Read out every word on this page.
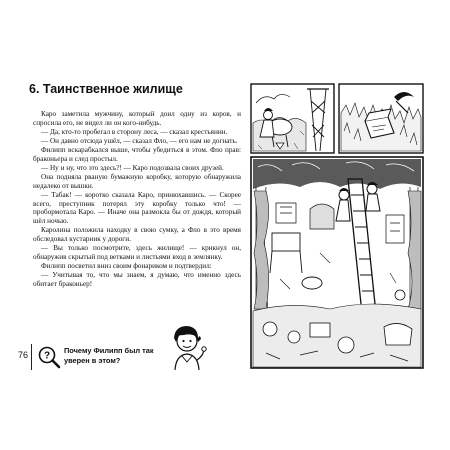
6. Таинственное жилище

Каро заметила мужчину, который доил одну из коров, и спросила его, не видел ли он кого-нибудь.

— Да, кто-то пробегал в сторону леса, — сказал крестьянин.

— Он давно отсюда ушёл, — сказал Фло, — его нам не догнать.

Филипп вскарабкался выше, чтобы убедиться в этом. Фло прав: браконьера и след простыл.

— Ну и ну, что это здесь?! — Каро подозвала своих друзей.

Она подняла рваную бумажную коробку, которую обнаружила недалеко от вышки.

— Табак! — коротко сказала Каро, принюхавшись. — Скорее всего, преступник потерял эту коробку только что! — пробормотала Каро. — Иначе она размокла бы от дождя, который шёл ночью.

Каролина положила находку в свою сумку, а Фло в это время обследовал кустарник у дороги.

— Вы только посмотрите, здесь жилище! — крикнул он, обнаружив скрытый под ветками и листьями вход в землянку.

Филипп посветил вниз своим фонариком и подтвердил:

— Учитывая то, что мы знаем, я думаю, что именно здесь обитает браконьер!

76 ?
Почему Филипп был так
уверен в этом?
